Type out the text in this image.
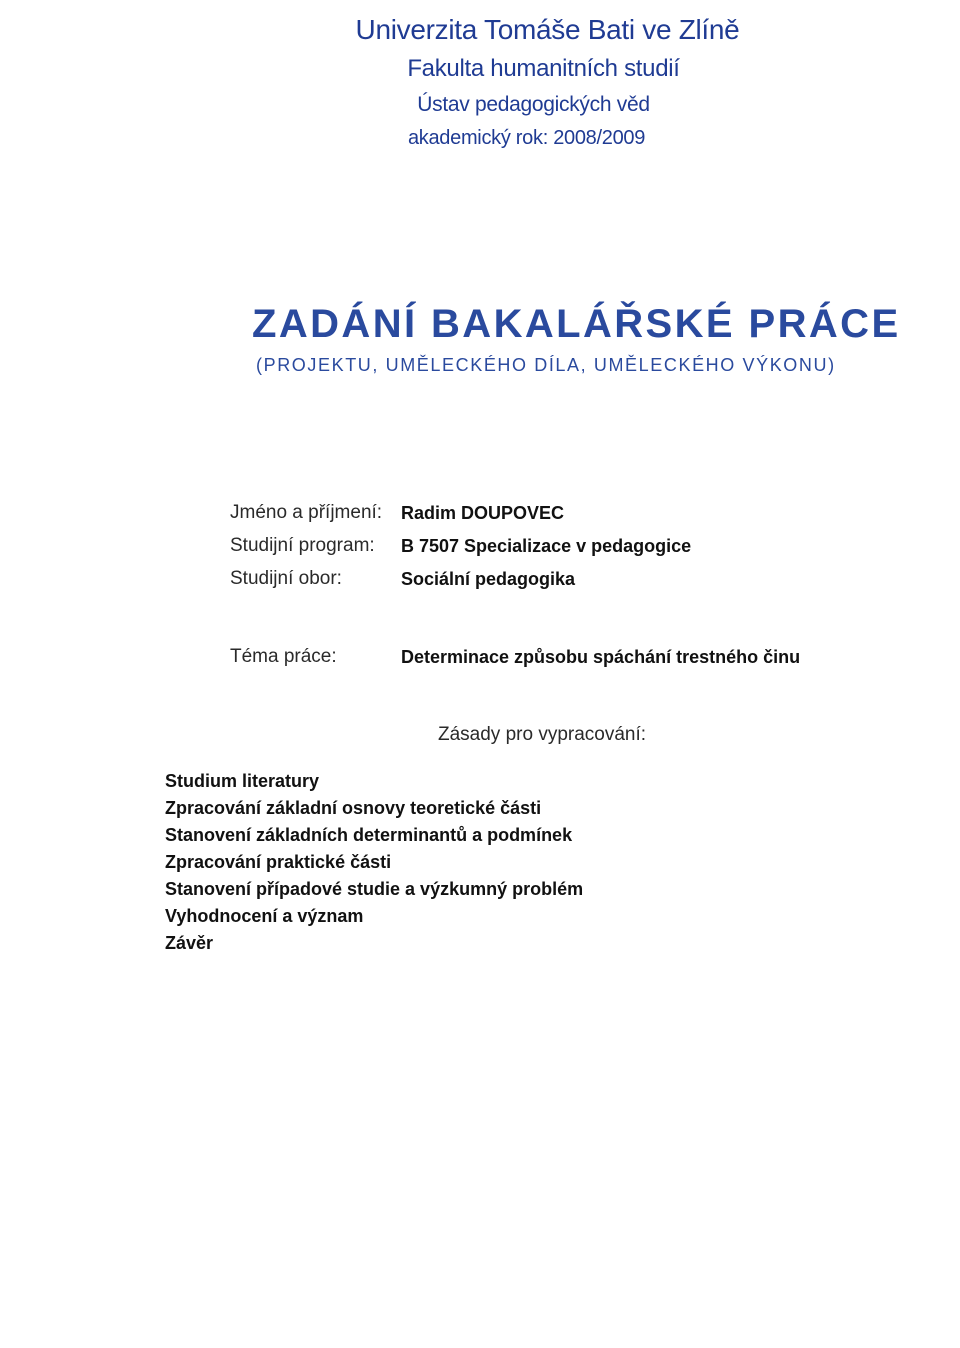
Univerzita Tomáše Bati ve Zlíně
Fakulta humanitních studií
Ústav pedagogických věd
akademický rok: 2008/2009
ZADÁNÍ BAKALÁŘSKÉ PRÁCE
(PROJEKTU, UMĚLECKÉHO DÍLA, UMĚLECKÉHO VÝKONU)
Jméno a příjmení: Radim DOUPOVEC
Studijní program: B 7507 Specializace v pedagogice
Studijní obor:	Sociální pedagogika
Téma práce:	Determinace způsobu spáchání trestného činu
Zásady pro vypracování:
Studium literatury
Zpracování základní osnovy teoretické části
Stanovení základních determinantů a podmínek
Zpracování praktické části
Stanovení případové studie a výzkumný problém
Vyhodnocení a význam
Závěr
